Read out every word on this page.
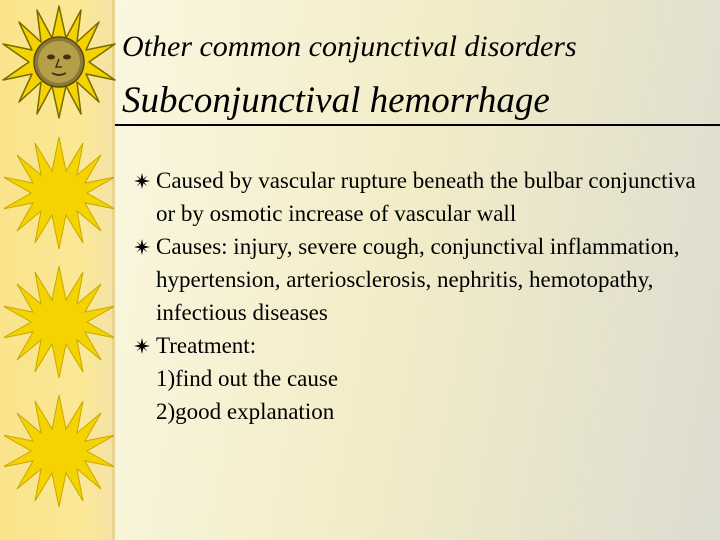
Other common conjunctival disorders
Subconjunctival hemorrhage
Caused by vascular rupture beneath the bulbar conjunctiva or by osmotic increase of vascular wall
Causes: injury, severe cough, conjunctival inflammation, hypertension, arteriosclerosis, nephritis, hemotopathy, infectious diseases
Treatment:
1)find out the cause
2)good explanation
